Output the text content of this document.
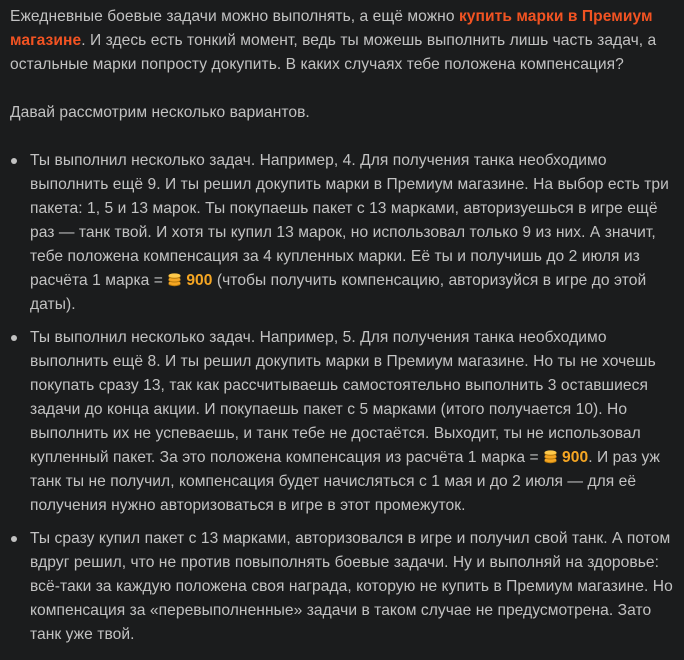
Ежедневные боевые задачи можно выполнять, а ещё можно купить марки в Премиум магазине. И здесь есть тонкий момент, ведь ты можешь выполнить лишь часть задач, а остальные марки попросту докупить. В каких случаях тебе положена компенсация?

Давай рассмотрим несколько вариантов.

Ты выполнил несколько задач. Например, 4. Для получения танка необходимо выполнить ещё 9. И ты решил докупить марки в Премиум магазине. На выбор есть три пакета: 1, 5 и 13 марок. Ты покупаешь пакет с 13 марками, авторизуешься в игре ещё раз — танк твой. И хотя ты купил 13 марок, но использовал только 9 из них. А значит, тебе положена компенсация за 4 купленных марки. Её ты и получишь до 2 июля из расчёта 1 марка = 900 (чтобы получить компенсацию, авторизуйся в игре до этой даты).
Ты выполнил несколько задач. Например, 5. Для получения танка необходимо выполнить ещё 8. И ты решил докупить марки в Премиум магазине. Но ты не хочешь покупать сразу 13, так как рассчитываешь самостоятельно выполнить 3 оставшиеся задачи до конца акции. И покупаешь пакет с 5 марками (итого получается 10). Но выполнить их не успеваешь, и танк тебе не достаётся. Выходит, ты не использовал купленный пакет. За это положена компенсация из расчёта 1 марка = 900. И раз уж танк ты не получил, компенсация будет начисляться с 1 мая и до 2 июля — для её получения нужно авторизоваться в игре в этот промежуток.
Ты сразу купил пакет с 13 марками, авторизовался в игре и получил свой танк. А потом вдруг решил, что не против повыполнять боевые задачи. Ну и выполняй на здоровье: всё-таки за каждую положена своя награда, которую не купить в Премиум магазине. Но компенсация за «перевыполненные» задачи в таком случае не предусмотрена. Зато танк уже твой.
